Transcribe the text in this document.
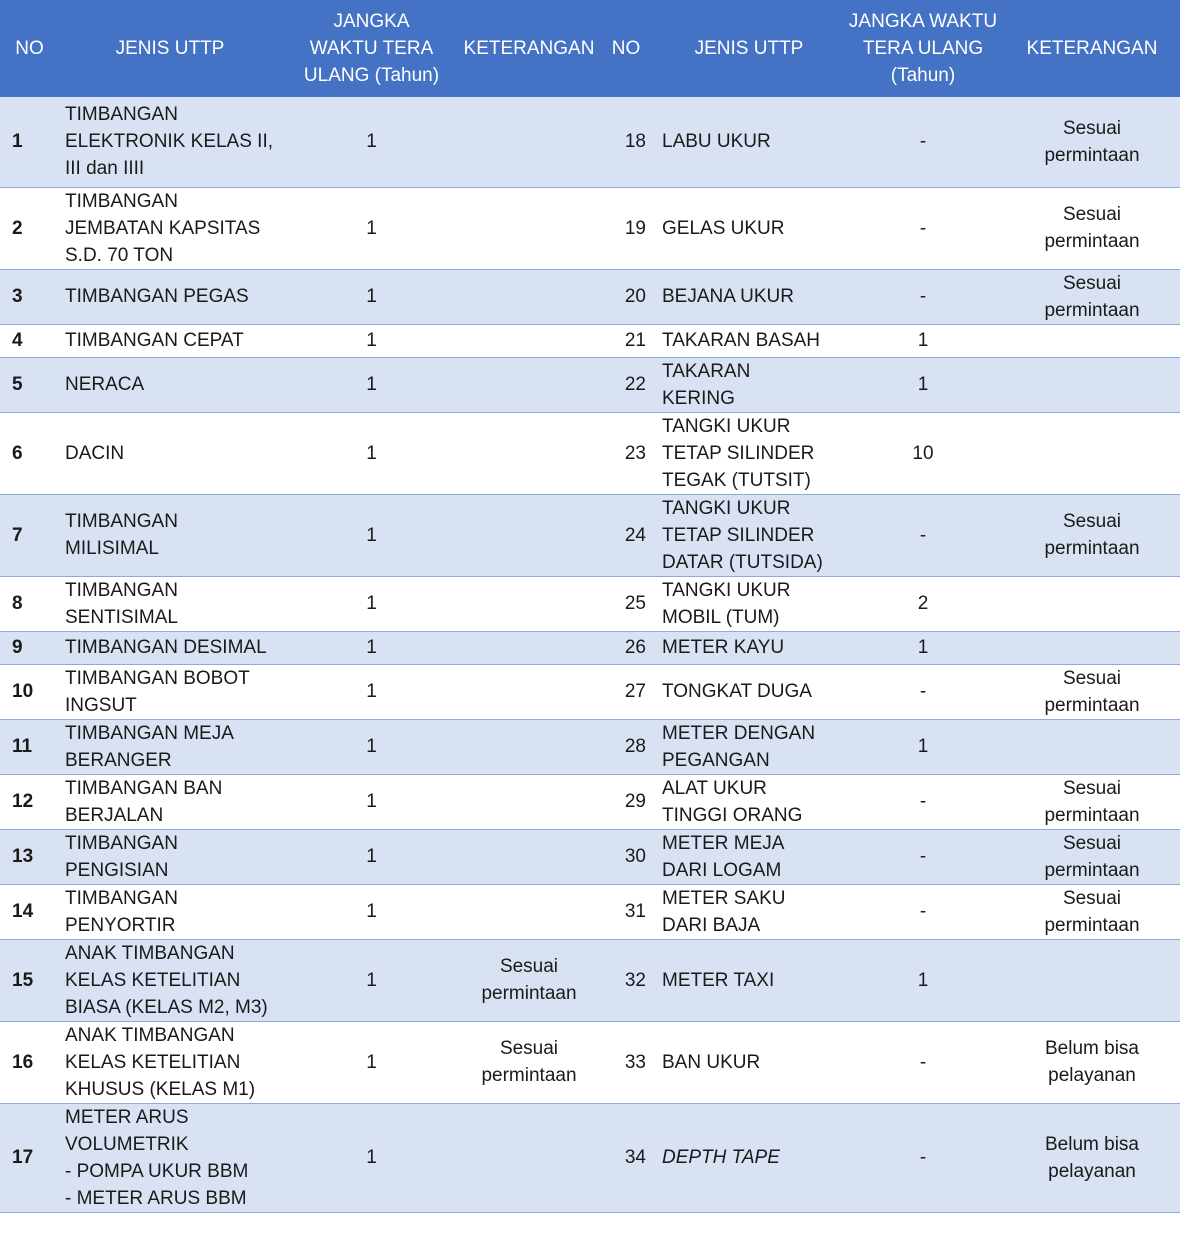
NO	JENIS UTTP	JANGKA
WAKTU TERA
ULANG (Tahun)	KETERANGAN	NO	JENIS UTTP	JANGKA WAKTU
TERA ULANG
(Tahun)	KETERANGAN
1	TIMBANGAN
ELEKTRONIK KELAS II,
III dan IIII	1		18	LABU UKUR	-	Sesuai
permintaan

2	TIMBANGAN
JEMBATAN KAPSITAS
S.D. 70 TON	1		19	GELAS UKUR	-	Sesuai
permintaan

3	TIMBANGAN PEGAS	1		20	BEJANA UKUR	-	Sesuai
permintaan

4	TIMBANGAN CEPAT	1		21	TAKARAN BASAH	1	
5	NERACA	1		22	TAKARAN
KERING	1	
6	DACIN	1		23	TANGKI UKUR
TETAP SILINDER
TEGAK (TUTSIT)	10	
7	TIMBANGAN
MILISIMAL	1		24	TANGKI UKUR
TETAP SILINDER
DATAR (TUTSIDA)	-	Sesuai
permintaan

8	TIMBANGAN
SENTISIMAL	1		25	TANGKI UKUR
MOBIL (TUM)	2	
9	TIMBANGAN DESIMAL	1		26	METER KAYU	1	
10	TIMBANGAN BOBOT
INGSUT	1		27	TONGKAT DUGA	-	Sesuai
permintaan

11	TIMBANGAN MEJA
BERANGER	1		28	METER DENGAN
PEGANGAN	1	
12	TIMBANGAN BAN
BERJALAN	1		29	ALAT UKUR
TINGGI ORANG	-	Sesuai
permintaan

13	TIMBANGAN
PENGISIAN	1		30	METER MEJA
DARI LOGAM	-	Sesuai
permintaan

14	TIMBANGAN
PENYORTIR	1		31	METER SAKU
DARI BAJA	-	Sesuai
permintaan

15	ANAK TIMBANGAN
KELAS KETELITIAN
BIASA (KELAS M2, M3)	1	Sesuai
permintaan	32	METER TAXI	1	
16	ANAK TIMBANGAN
KELAS KETELITIAN
KHUSUS (KELAS M1)	1	Sesuai
permintaan	33	BAN UKUR	-	Belum bisa
pelayanan

17	METER ARUS
VOLUMETRIK
- POMPA UKUR BBM
- METER ARUS BBM	1		34	DEPTH TAPE	-	Belum bisa
pelayanan
